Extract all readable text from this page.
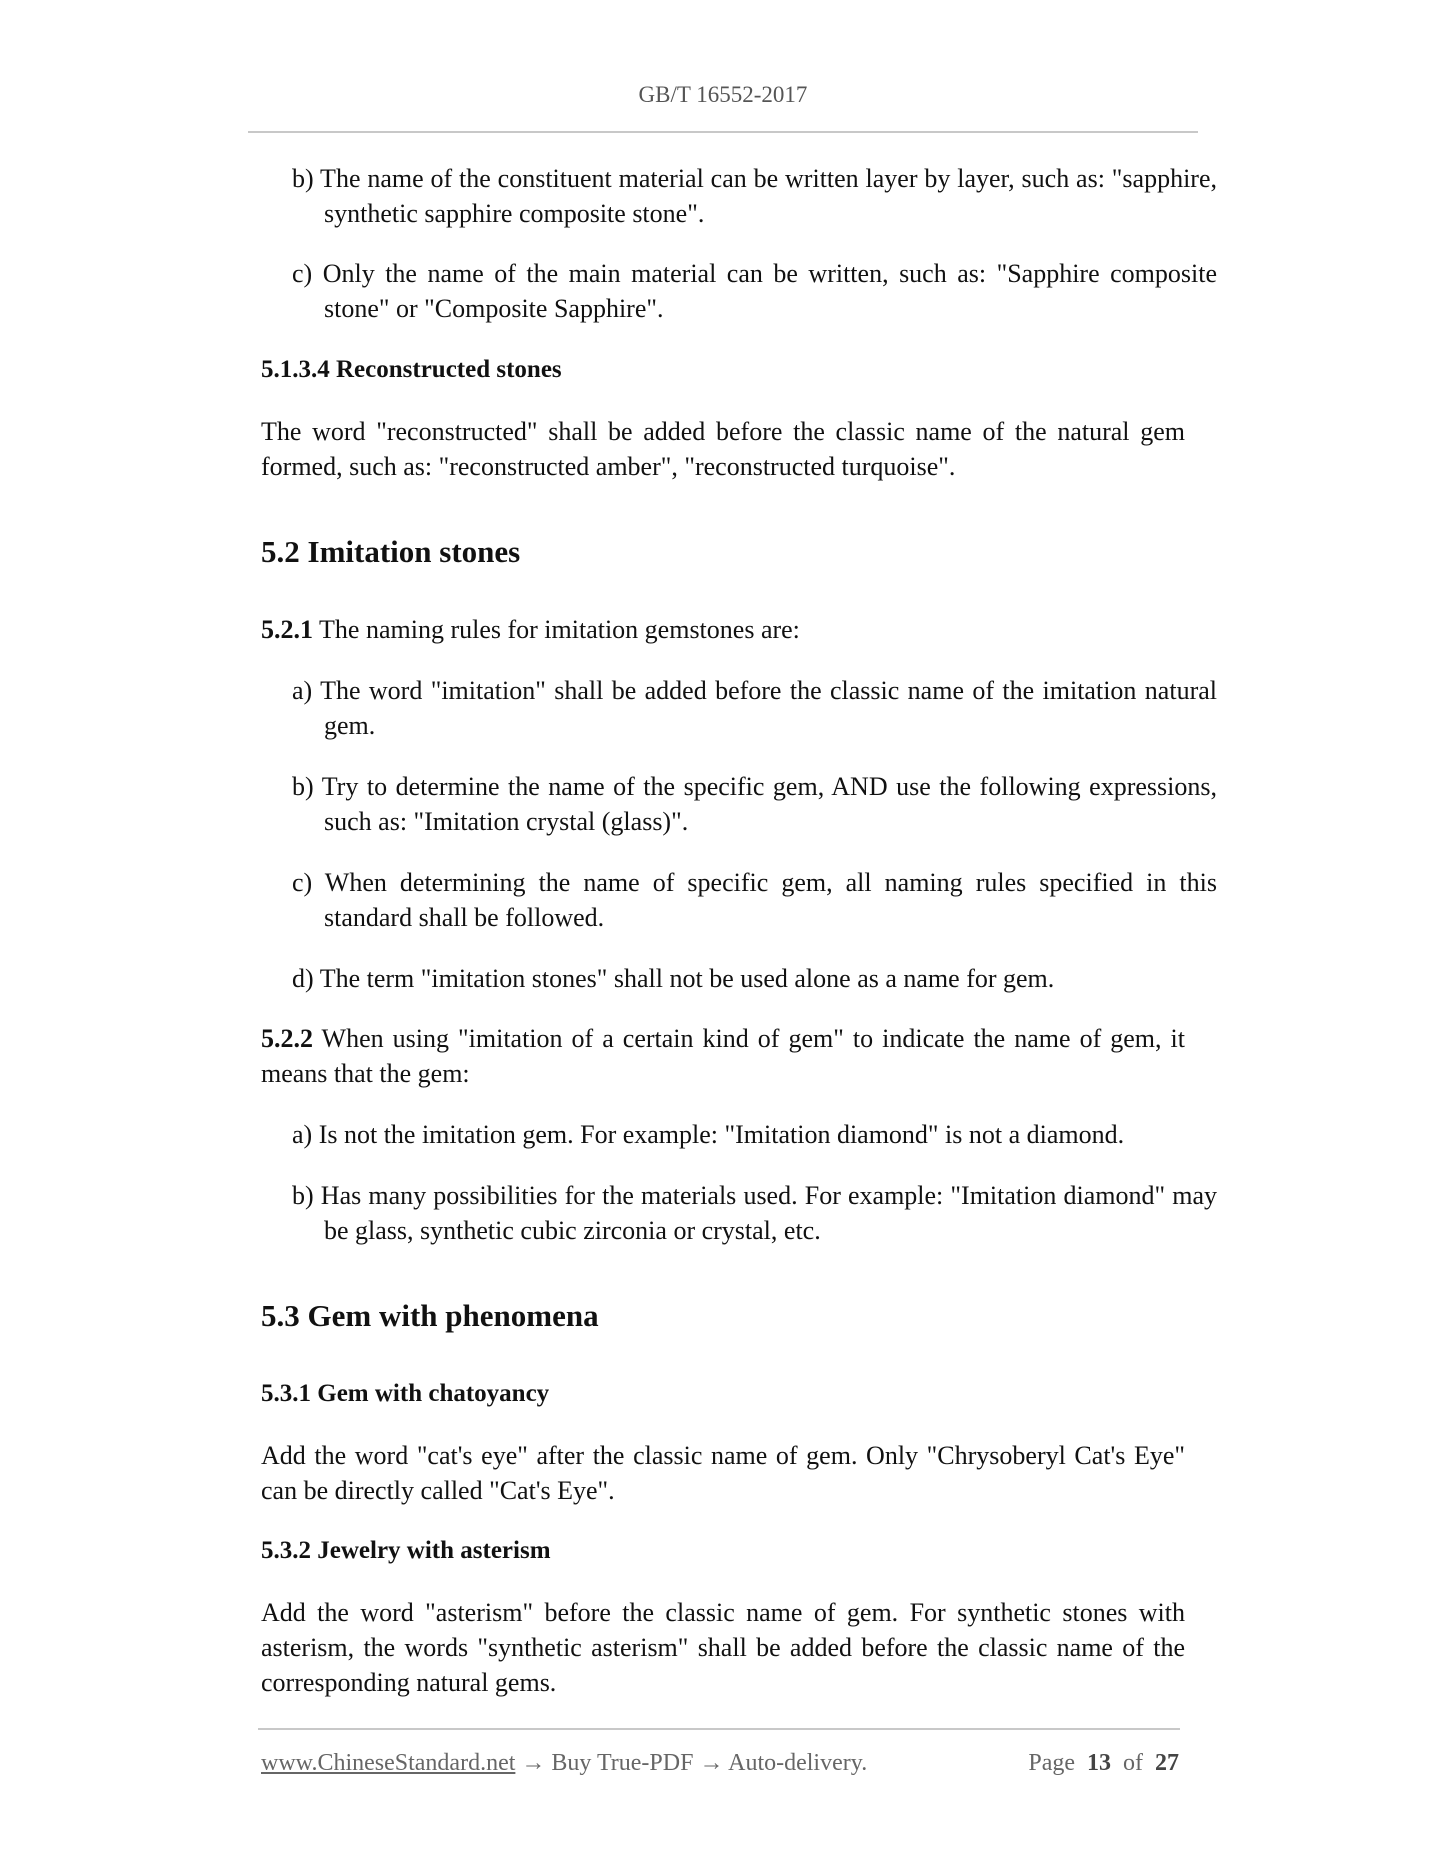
GB/T 16552-2017
b) The name of the constituent material can be written layer by layer, such as: "sapphire, synthetic sapphire composite stone".
c) Only the name of the main material can be written, such as: "Sapphire composite stone" or "Composite Sapphire".
5.1.3.4 Reconstructed stones
The word "reconstructed" shall be added before the classic name of the natural gem formed, such as: "reconstructed amber", "reconstructed turquoise".
5.2 Imitation stones
5.2.1 The naming rules for imitation gemstones are:
a) The word "imitation" shall be added before the classic name of the imitation natural gem.
b) Try to determine the name of the specific gem, AND use the following expressions, such as: "Imitation crystal (glass)".
c) When determining the name of specific gem, all naming rules specified in this standard shall be followed.
d) The term "imitation stones" shall not be used alone as a name for gem.
5.2.2 When using "imitation of a certain kind of gem" to indicate the name of gem, it means that the gem:
a) Is not the imitation gem. For example: "Imitation diamond" is not a diamond.
b) Has many possibilities for the materials used. For example: "Imitation diamond" may be glass, synthetic cubic zirconia or crystal, etc.
5.3 Gem with phenomena
5.3.1 Gem with chatoyancy
Add the word "cat's eye" after the classic name of gem. Only "Chrysoberyl Cat's Eye" can be directly called "Cat's Eye".
5.3.2 Jewelry with asterism
Add the word "asterism" before the classic name of gem. For synthetic stones with asterism, the words "synthetic asterism" shall be added before the classic name of the corresponding natural gems.
www.ChineseStandard.net → Buy True-PDF → Auto-delivery.	Page 13 of 27
